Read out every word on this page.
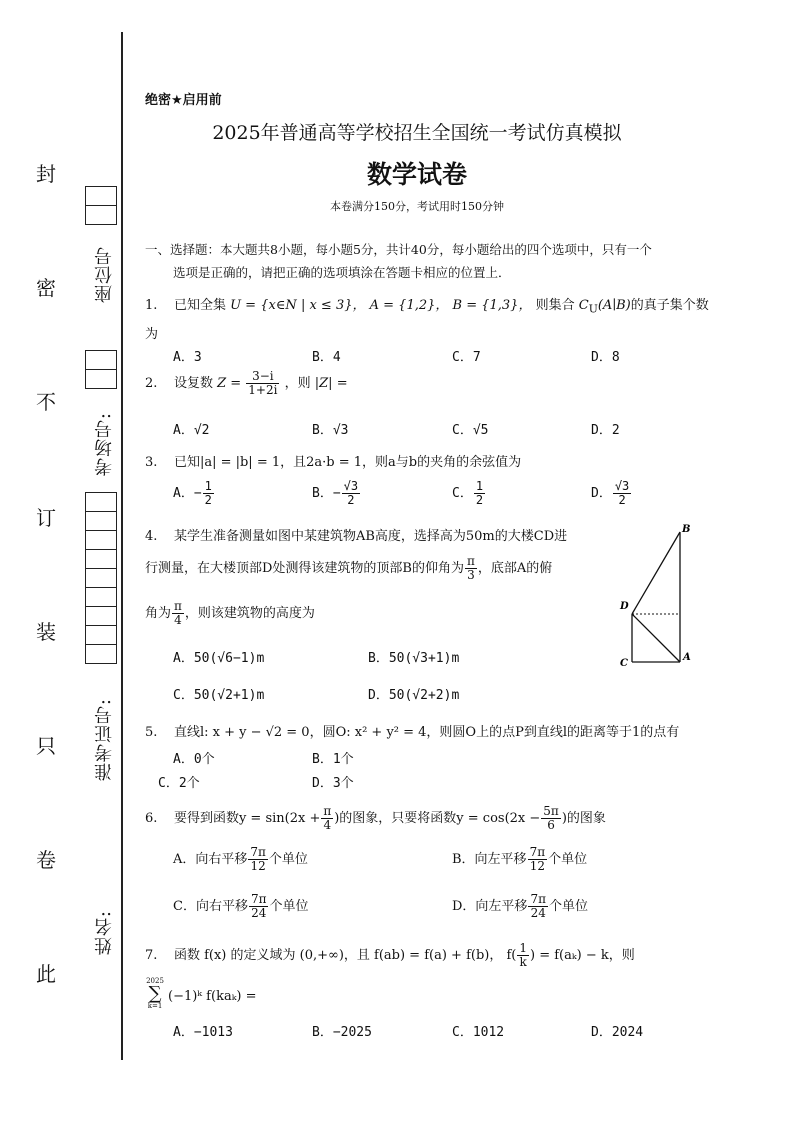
封
密
不
订
装
只
卷
此
座位号
考场号:
准考证号:
姓名:
绝密★启用前
2025年普通高等学校招生全国统一考试仿真模拟
数学试卷
本卷满分150分，考试用时150分钟
一、选择题：本大题共8小题，每小题5分，共计40分，每小题给出的四个选项中，只有一个
选项是正确的，请把正确的选项填涂在答题卡相应的位置上．
1. 已知全集 U = {x∈N | x ≤ 3}， A = {1,2}， B = {1,3}， 则集合 $C_U(A∣B)$的真子集个数
为
A．3	B．4	C．7	D．8
2. 设复数 $Z = \frac{3-i}{1+2i}$ ，则 |Z| =
A．√2	B．√3	C．√5	D．2
3. 已知|a| = |b| = 1，且2a·b = 1，则a与b的夹角的余弦值为
A．− $\frac{1}{2}$	B．− $\frac{√3}{2}$	C． $\frac{1}{2}$	D． $\frac{√3}{2}$
4. 某学生准备测量如图中某建筑物AB高度，选择高为50m的大楼CD进
行测量，在大楼顶部D处测得该建筑物的顶部B的仰角为 $\frac{\pi}{3}$ ，底部A的俯
角为 $\frac{\pi}{4}$ ，则该建筑物的高度为
A．50(√6−1)m	B．50(√3+1)m
C．50(√2+1)m	D．50(√2+2)m
B
D
C
A
5. 直线l: x + y − √2 = 0，圆O: x² + y² = 4，则圆O上的点P到直线l的距离等于1的点有
A．0个	B．1个
C．2个	D．3个
6. 要得到函数$y = \sin(2x + \frac{\pi}{4}$ )的图象，只要将函数$y = \cos(2x - \frac{5\pi}{6}$ )的图象
A．向右平移 $\frac{7\pi}{12}$ 个单位	B．向左平移 $\frac{7\pi}{12}$ 个单位
C．向右平移 $\frac{7\pi}{24}$ 个单位	D．向左平移 $\frac{7\pi}{24}$ 个单位
7. 函数 f(x) 的定义域为 (0,+∞)，且 f(ab) = f(a) + f(b)， $f( \frac{1}{k}$ ) = f(aₖ) − k，则
2025
∑
k=1
(−1)ᵏ f(kaₖ) =
A．−1013	B．−2025	C．1012	D．2024
